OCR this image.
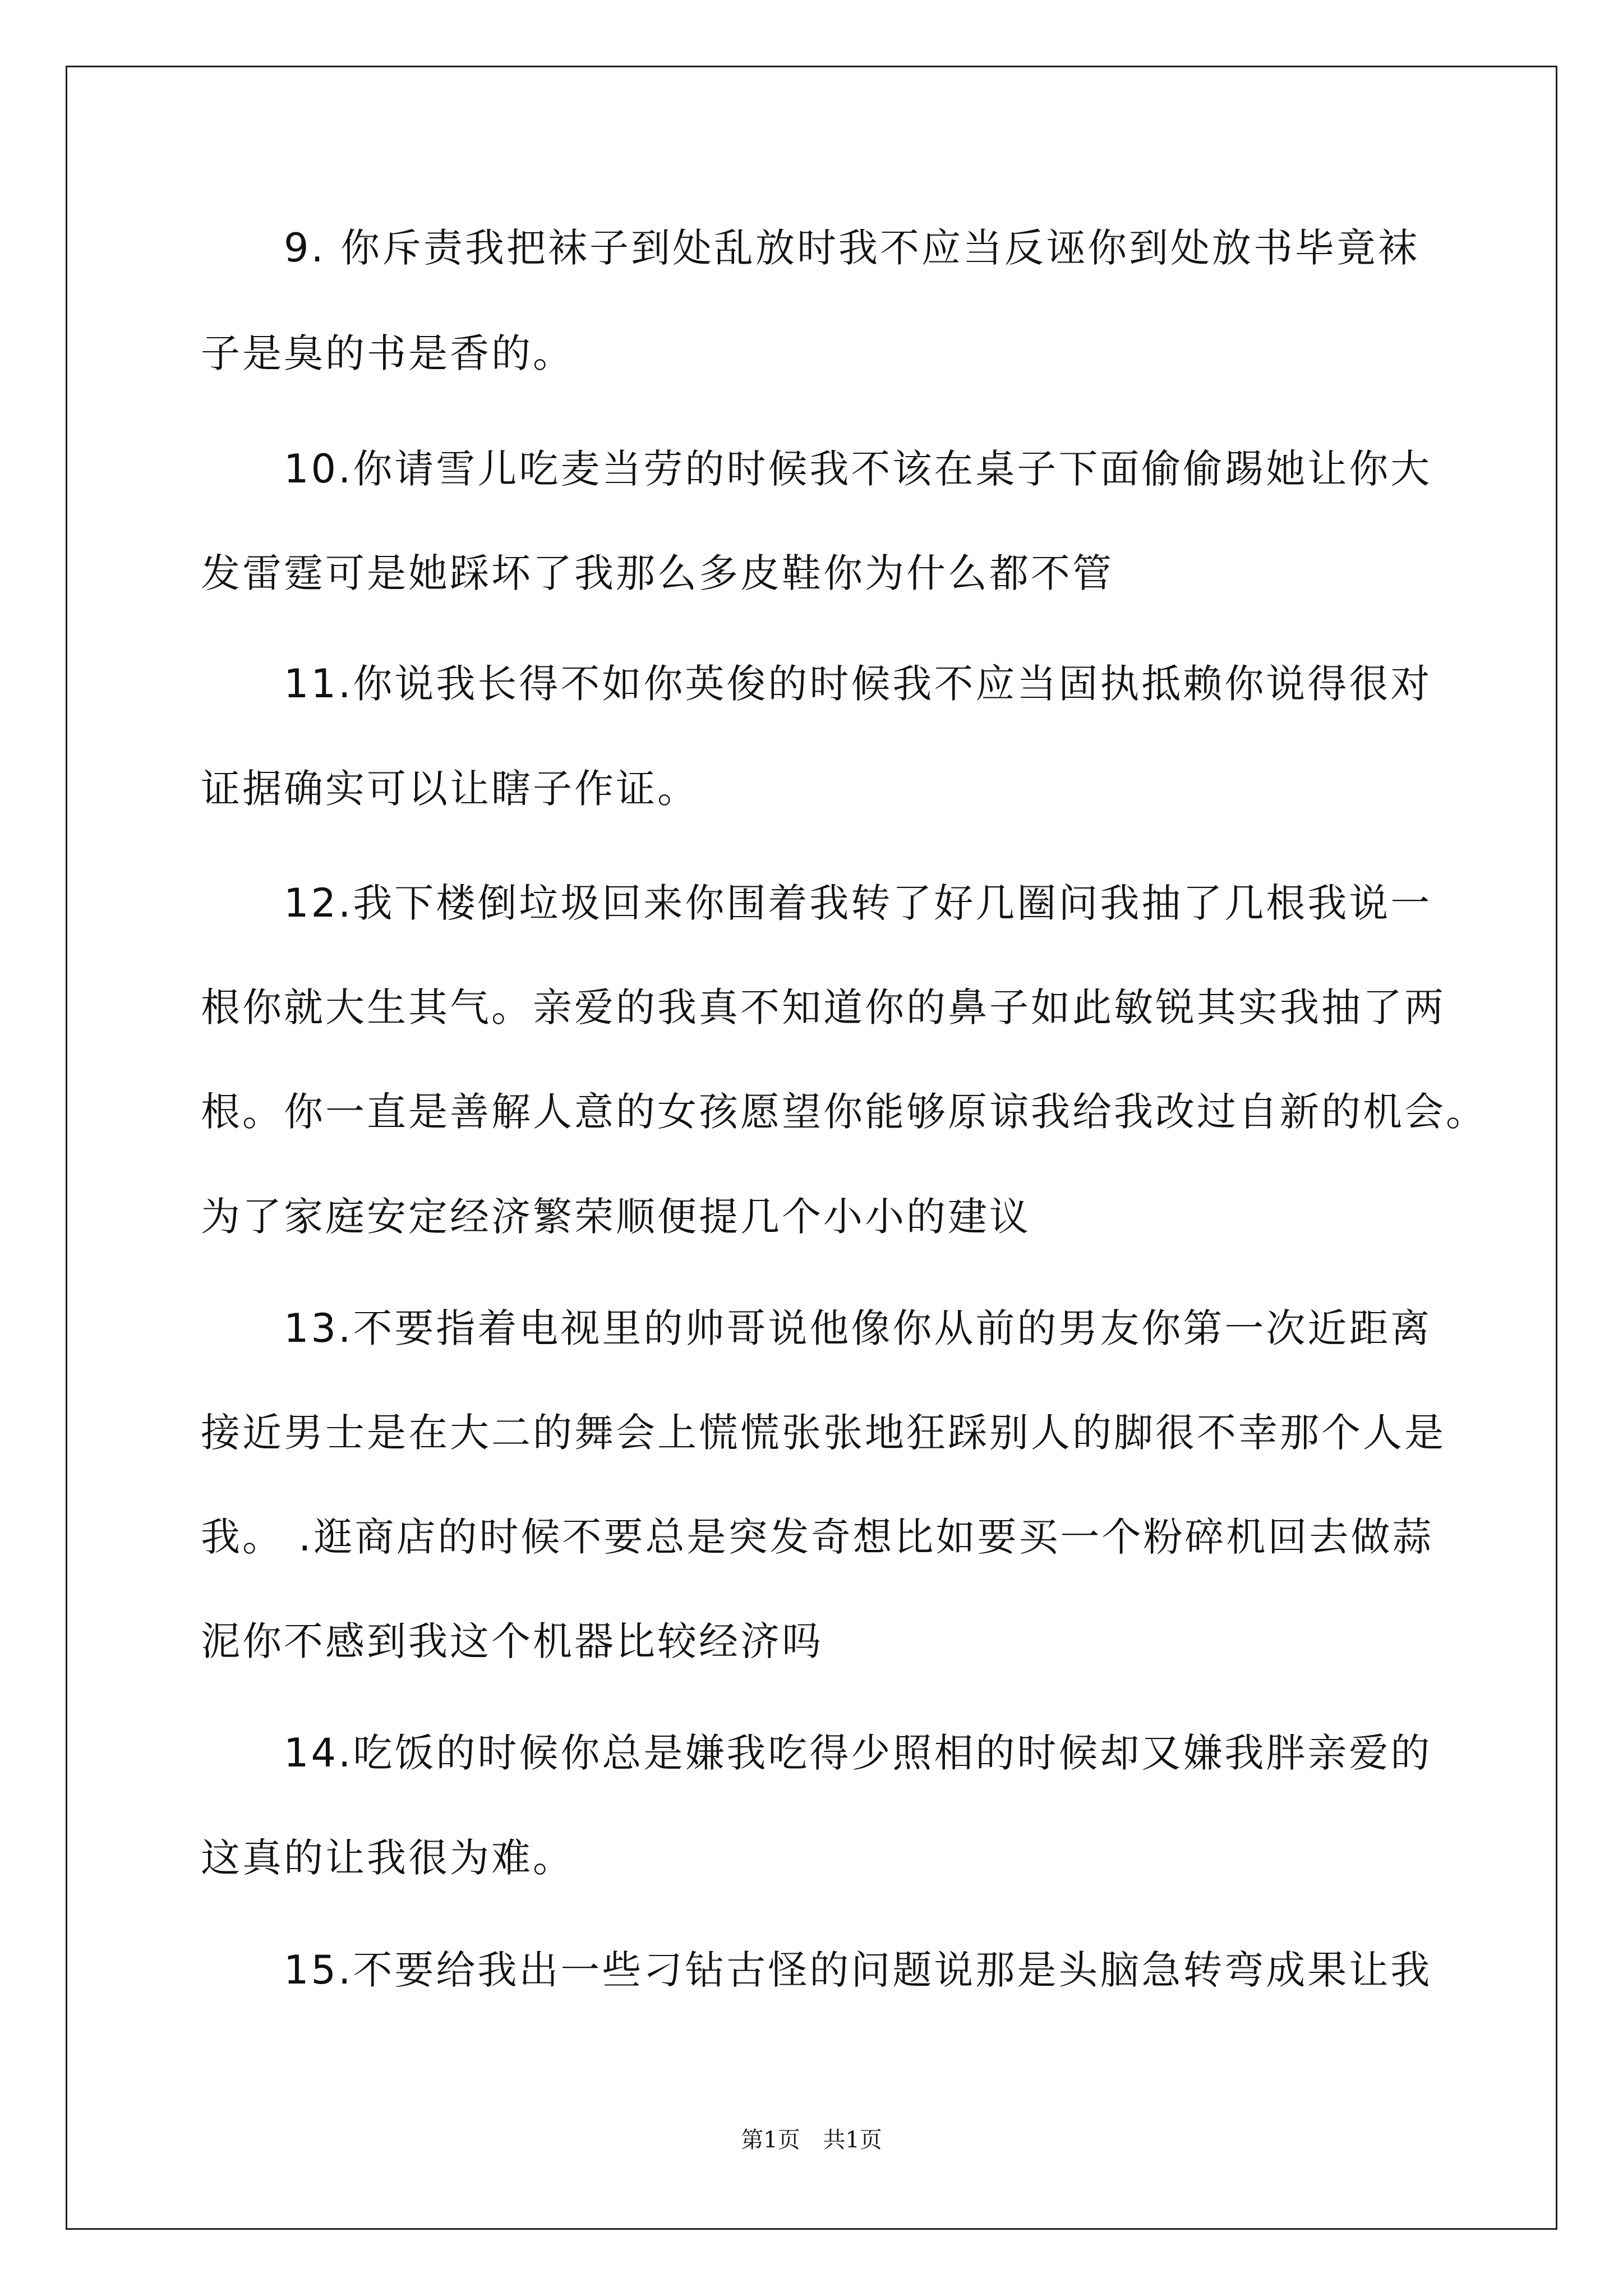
　　9. 你斥责我把袜子到处乱放时我不应当反诬你到处放书毕竟袜
子是臭的书是香的。
　　10.你请雪儿吃麦当劳的时候我不该在桌子下面偷偷踢她让你大
发雷霆可是她踩坏了我那么多皮鞋你为什么都不管
　　11.你说我长得不如你英俊的时候我不应当固执抵赖你说得很对
证据确实可以让瞎子作证。
　　12.我下楼倒垃圾回来你围着我转了好几圈问我抽了几根我说一
根你就大生其气。亲爱的我真不知道你的鼻子如此敏锐其实我抽了两
根。你一直是善解人意的女孩愿望你能够原谅我给我改过自新的机会。
为了家庭安定经济繁荣顺便提几个小小的建议
　　13.不要指着电视里的帅哥说他像你从前的男友你第一次近距离
接近男士是在大二的舞会上慌慌张张地狂踩别人的脚很不幸那个人是
我。 .逛商店的时候不要总是突发奇想比如要买一个粉碎机回去做蒜
泥你不感到我这个机器比较经济吗
　　14.吃饭的时候你总是嫌我吃得少照相的时候却又嫌我胖亲爱的
这真的让我很为难。
　　15.不要给我出一些刁钻古怪的问题说那是头脑急转弯成果让我
第1页 共1页
